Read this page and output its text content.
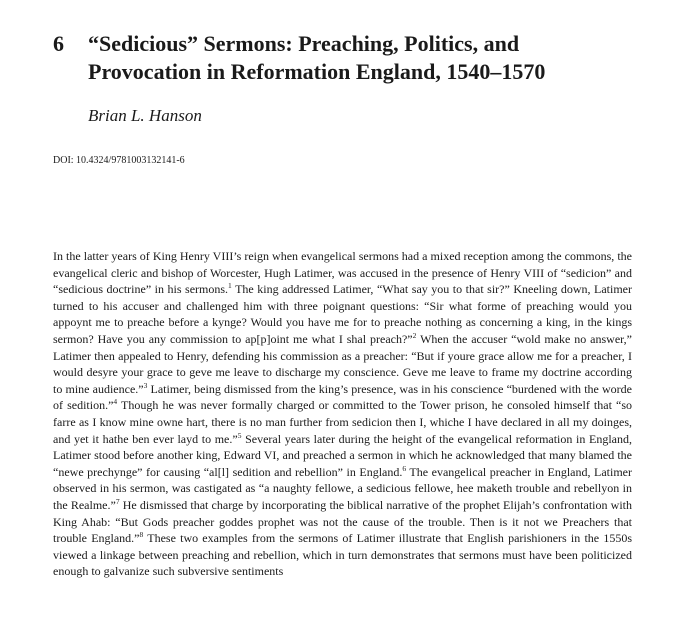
6	“Sedicious” Sermons: Preaching, Politics, and
Provocation in Reformation England, 1540–1570
Brian L. Hanson
DOI: 10.4324/9781003132141-6

In the latter years of King Henry VIII’s reign when evangelical sermons had a mixed reception among the commons, the evangelical cleric and bishop of Worcester, Hugh Latimer, was accused in the presence of Henry VIII of “sedicion” and “sedicious doctrine” in his sermons.$^1$ The king addressed Latimer, “What say you to that sir?” Kneeling down, Latimer turned to his accuser and challenged him with three poignant questions: “Sir what forme of preaching would you appoynt me to preache before a kynge? Would you have me for to preache nothing as concerning a king, in the kings sermon? Have you any commission to ap[p]oint me what I shal preach?”$^2$ When the accuser “wold make no answer,” Latimer then appealed to Henry, defending his commission as a preacher: “But if youre grace allow me for a preacher, I would desyre your grace to geve me leave to discharge my conscience. Geve me leave to frame my doctrine according to mine audience.”$^3$ Latimer, being dismissed from the king’s presence, was in his conscience “burdened with the worde of sedition.”$^4$ Though he was never formally charged or committed to the Tower prison, he consoled himself that “so farre as I know mine owne hart, there is no man further from sedicion then I, whiche I have declared in all my doinges, and yet it hathe ben ever layd to me.”$^5$ Several years later during the height of the evangelical reformation in England, Latimer stood before another king, Edward VI, and preached a sermon in which he acknowledged that many blamed the “newe prechynge” for causing “al[l] sedition and rebellion” in England.$^6$ The evangelical preacher in England, Latimer observed in his sermon, was castigated as “a naughty fellowe, a sedicious fellowe, hee maketh trouble and rebellyon in the Realme.”$^7$ He dismissed that charge by incorporating the biblical narrative of the prophet Elijah’s confrontation with King Ahab: “But Gods preacher goddes prophet was not the cause of the trouble. Then is it not we Preachers that trouble England.”$^8$ These two examples from the sermons of Latimer illustrate that English parishioners in the 1550s viewed a linkage between preaching and rebellion, which in turn demonstrates that sermons must have been politicized enough to galvanize such subversive sentiments
